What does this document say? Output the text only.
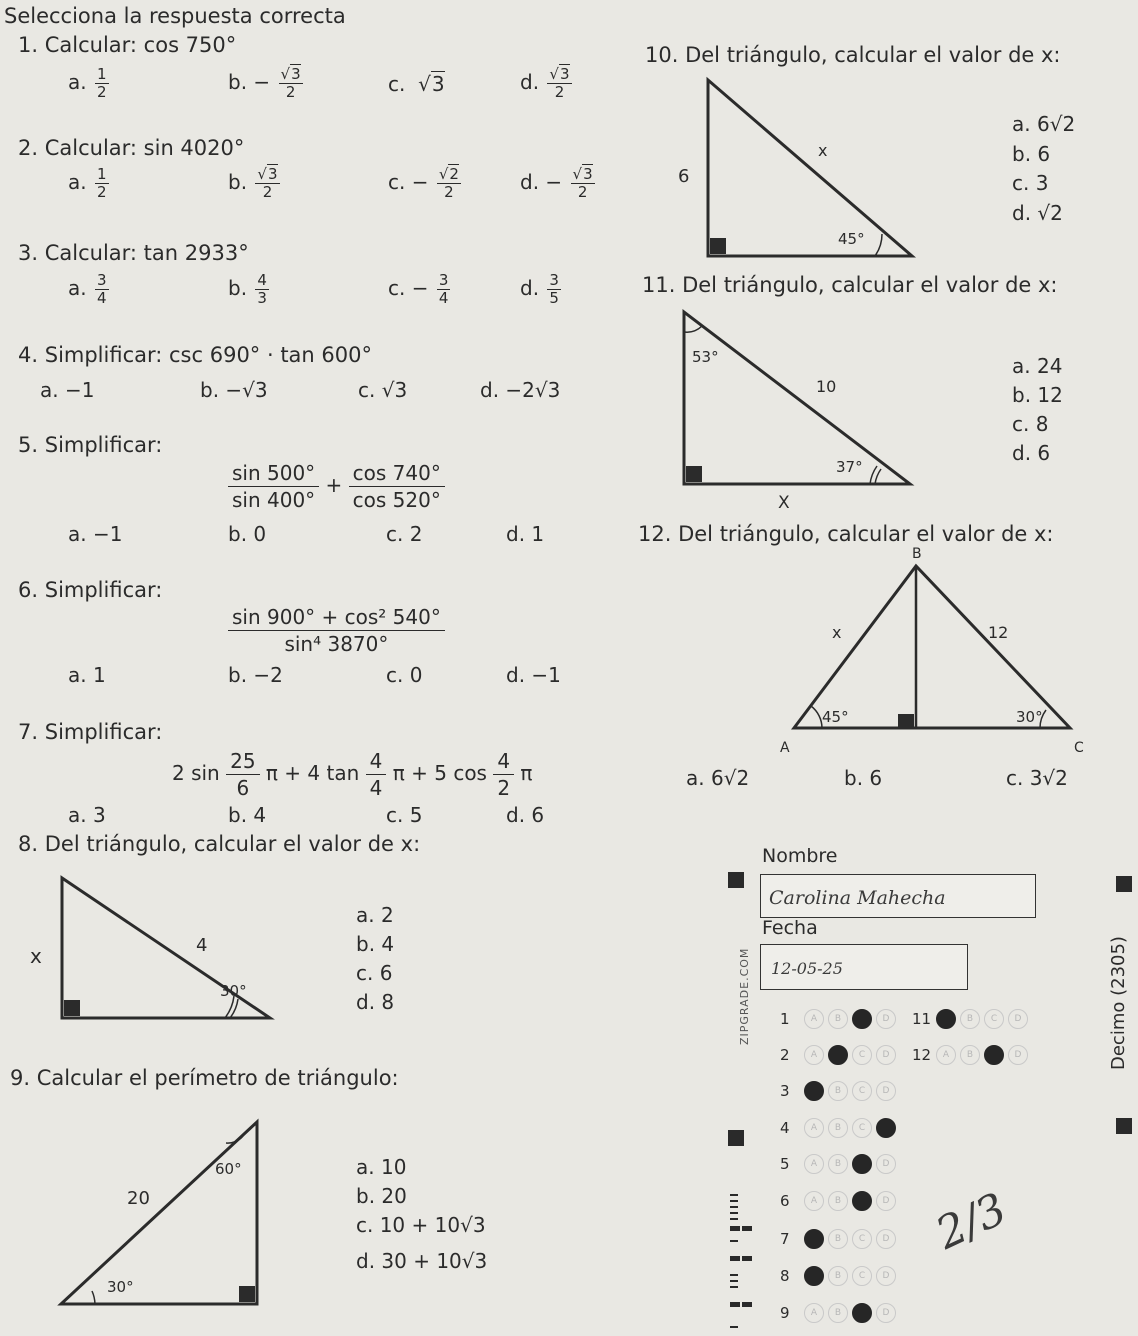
Selecciona la respuesta correcta
1. Calcular: cos 750°
a. $\frac{1}{2}$	b. − $\frac{√3}{2}$	c.  √3	d. $\frac{√3}{2}$
2. Calcular: sin 4020°
a. $\frac{1}{2}$	b. $\frac{√3}{2}$	c. − $\frac{√2}{2}$	d. − $\frac{√3}{2}$
3. Calcular: tan 2933°
a. $\frac{3}{4}$	b. $\frac{4}{3}$	c. − $\frac{3}{4}$	d. $\frac{3}{5}$
4. Simplificar: csc 690° · tan 600°
a. −1	b. −√3	c. √3	d. −2√3
5. Simplificar:
$\frac{\sin 500^\circ}{\sin 400^\circ} + \frac{\cos 740^\circ}{\cos 520^\circ}$
a. −1	b. 0	c. 2	d. 1
6. Simplificar:
$\frac{\text{sin 900° + cos² 540°}}{\text{sin⁴ 3870°}}$
a. 1	b. −2	c. 0	d. −1
7. Simplificar:
2 $\sin \frac{25}{6}$ π + 4 $\tan \frac{4}{4}$ π + 5 $\cos \frac{4}{2}$ π
a. 3	b. 4	c. 5	d. 6
8. Del triángulo, calcular el valor de x:
4
x
30°
a. 2
b. 4
c. 6
d. 8
9. Calcular el perímetro de triángulo:
60°
20
30°
a. 10
b. 20
c. 10 + 10√3
d. 30 + 10√3
10. Del triángulo, calcular el valor de x:
x
6
45°
a. 6√2
b. 6
c. 3
d. √2
11. Del triángulo, calcular el valor de x:
53°
10
37°
X
a. 24
b. 12
c. 8
d. 6
12. Del triángulo, calcular el valor de x:
B
x	12
45°	30°
A	C
a. 6√2	b. 6	c. 3√2
Nombre
Carolina Mahecha
Fecha
12-05-25
ZIPGRADE.COM	Decimo (2305)
1 A B	D
2 A	C D
3	B C D
4 A B C
5 A B	D
6 A B	D
7	B C D
8	B C D
9 A B	D
11	B C D
12 A B	D
2/3
